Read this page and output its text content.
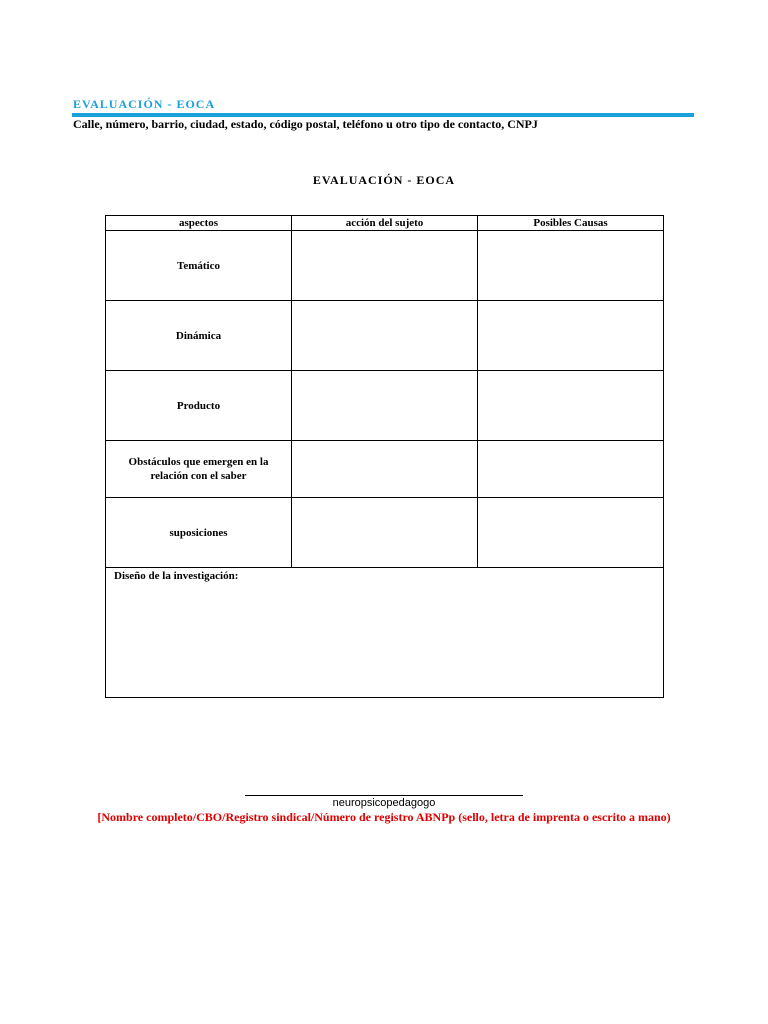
EVALUACIÓN - EOCA
Calle, número, barrio, ciudad, estado, código postal, teléfono u otro tipo de contacto, CNPJ
EVALUACIÓN - EOCA
aspectos	acción del sujeto	Posibles Causas
Temático		
Dinámica		
Producto		
Obstáculos que emergen en la relación con el saber		
suposiciones		
Diseño de la investigación:		
neuropsicopedagogo
[Nombre completo/CBO/Registro sindical/Número de registro ABNPp (sello, letra de imprenta o escrito a mano)
